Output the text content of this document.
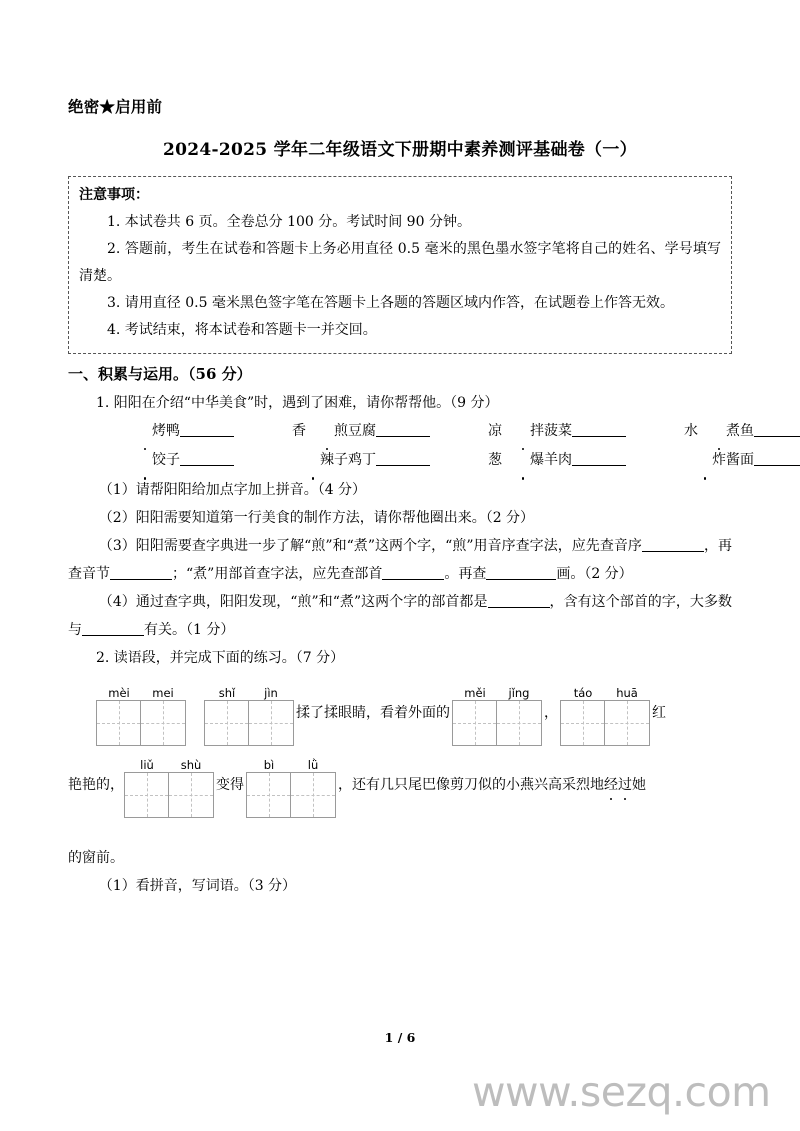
绝密★启用前
2024-2025 学年二年级语文下册期中素养测评基础卷（一）
注意事项：

1. 本试卷共 6 页。全卷总分 100 分。考试时间 90 分钟。

2. 答题前，考生在试卷和答题卡上务必用直径 0.5 毫米的黑色墨水签字笔将自己的姓名、学号填写清楚。

3. 请用直径 0.5 毫米黑色签字笔在答题卡上各题的答题区域内作答，在试题卷上作答无效。

4. 考试结束，将本试卷和答题卡一并交回。

一、积累与运用。（56 分）

1. 阳阳在介绍“中华美食”时，遇到了困难，请你帮帮他。（9 分）

烤鸭	香 煎豆腐	凉 拌菠菜	水 煮鱼

饺子	辣子鸡丁	葱 爆羊肉	炸酱面

（1）请帮阳阳给加点字加上拼音。（4 分）

（2）阳阳需要知道第一行美食的制作方法，请你帮他圈出来。（2 分）

（3）阳阳需要查字典进一步了解“煎”和“煮”这两个字，“煎”用音序查字法，应先查音序	，再查音节	；“煮”用部首查字法，应先查部首	。再查	画。（2 分）

（4）通过查字典，阳阳发现，“煎”和“煮”这两个字的部首都是	，含有这个部首的字，大多数与	有关。（1 分）

2. 读语段，并完成下面的练习。（7 分）

mèi	mei	shǐ	jìn
揉了揉眼睛，看着外面的
měi	jǐng
，
táo	huā
红
艳艳的，
liǔ	shù
变得
bì	lǜ
，还有几只尾巴像剪刀似的小燕兴高采烈地经过她

的窗前。

（1）看拼音，写词语。（3 分）

1 / 6
www.sezq.com
